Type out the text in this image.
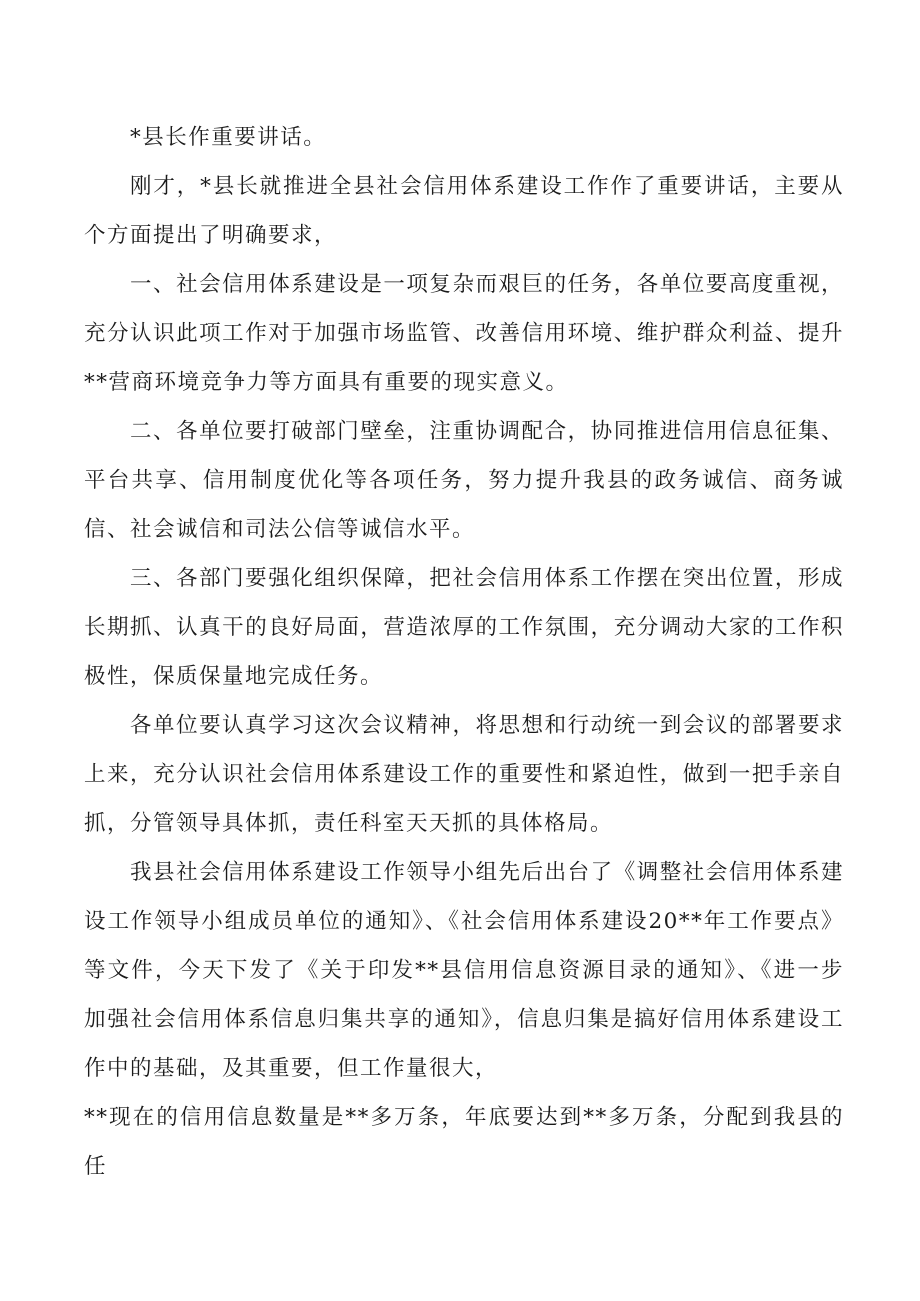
*县长作重要讲话。

刚才，*县长就推进全县社会信用体系建设工作作了重要讲话，主要从个方面提出了明确要求，

一、社会信用体系建设是一项复杂而艰巨的任务，各单位要高度重视，充分认识此项工作对于加强市场监管、改善信用环境、维护群众利益、提升**营商环境竞争力等方面具有重要的现实意义。

二、各单位要打破部门壁垒，注重协调配合，协同推进信用信息征集、平台共享、信用制度优化等各项任务，努力提升我县的政务诚信、商务诚信、社会诚信和司法公信等诚信水平。

三、各部门要强化组织保障，把社会信用体系工作摆在突出位置，形成长期抓、认真干的良好局面，营造浓厚的工作氛围，充分调动大家的工作积极性，保质保量地完成任务。

各单位要认真学习这次会议精神，将思想和行动统一到会议的部署要求上来，充分认识社会信用体系建设工作的重要性和紧迫性，做到一把手亲自抓，分管领导具体抓，责任科室天天抓的具体格局。

我县社会信用体系建设工作领导小组先后出台了《调整社会信用体系建设工作领导小组成员单位的通知》、《社会信用体系建设20**年工作要点》等文件，今天下发了《关于印发**县信用信息资源目录的通知》、《进一步加强社会信用体系信息归集共享的通知》，信息归集是搞好信用体系建设工作中的基础，及其重要，但工作量很大，

**现在的信用信息数量是**多万条，年底要达到**多万条，分配到我县的任
